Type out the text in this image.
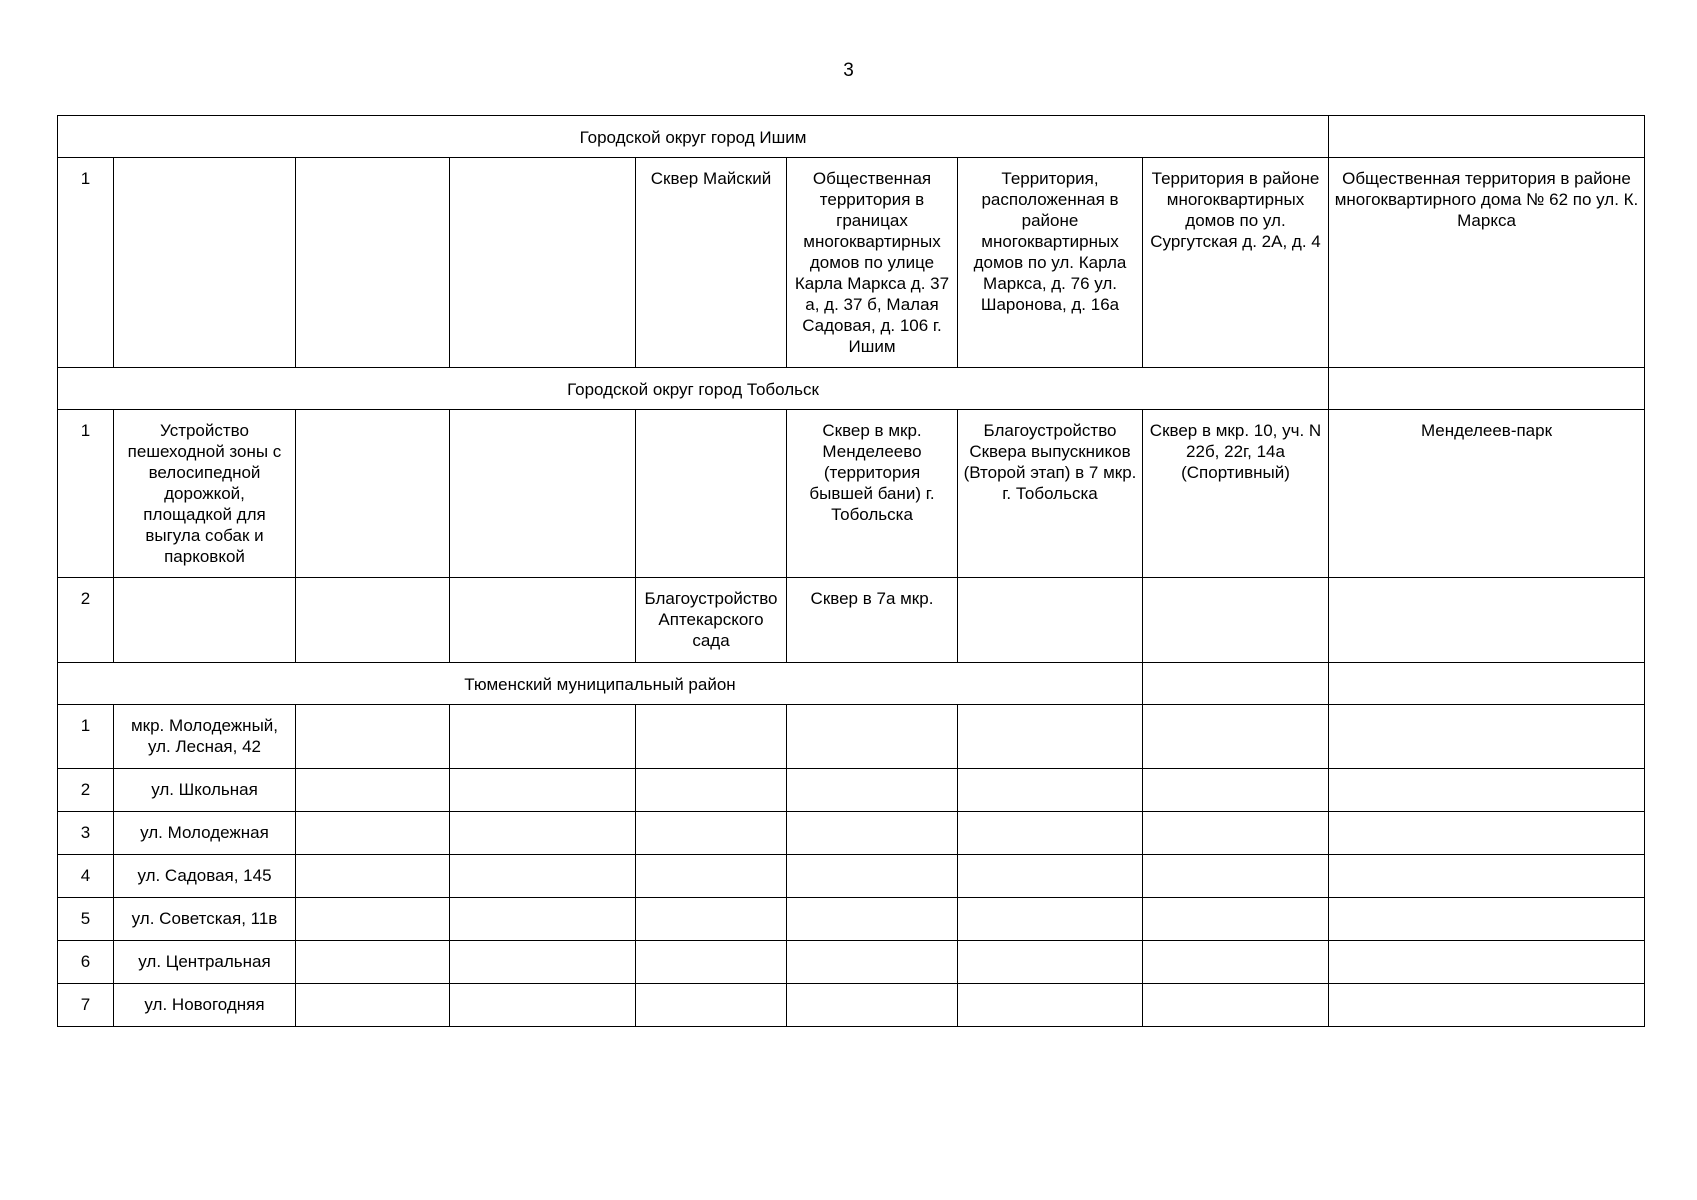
3
Городской округ город Ишим								
1				Сквер Майский	Общественная территория в границах многоквартирных домов по улице Карла Маркса д. 37 а, д. 37 б, Малая Садовая, д. 106 г. Ишим	Территория, расположенная в районе многоквартирных домов по ул. Карла Маркса, д. 76 ул. Шаронова, д. 16а	Территория в районе многоквартирных домов по ул. Сургутская д. 2А, д. 4	Общественная территория в районе многоквартирного дома № 62 по ул. К. Маркса
Городской округ город Тобольск								
1	Устройство пешеходной зоны с велосипедной дорожкой, площадкой для выгула собак и парковкой				Сквер в мкр. Менделеево (территория бывшей бани) г. Тобольска	Благоустройство Сквера выпускников (Второй этап) в 7 мкр. г. Тобольска	Сквер в мкр. 10, уч. N 22б, 22г, 14а (Спортивный)	Менделеев-парк
2				Благоустройство Аптекарского сада	Сквер в 7а мкр.			
Тюменский муниципальный район								
1	мкр. Молодежный, ул. Лесная, 42							
2	ул. Школьная							
3	ул. Молодежная							
4	ул. Садовая, 145							
5	ул. Советская, 11в							
6	ул. Центральная							
7	ул. Новогодняя							
